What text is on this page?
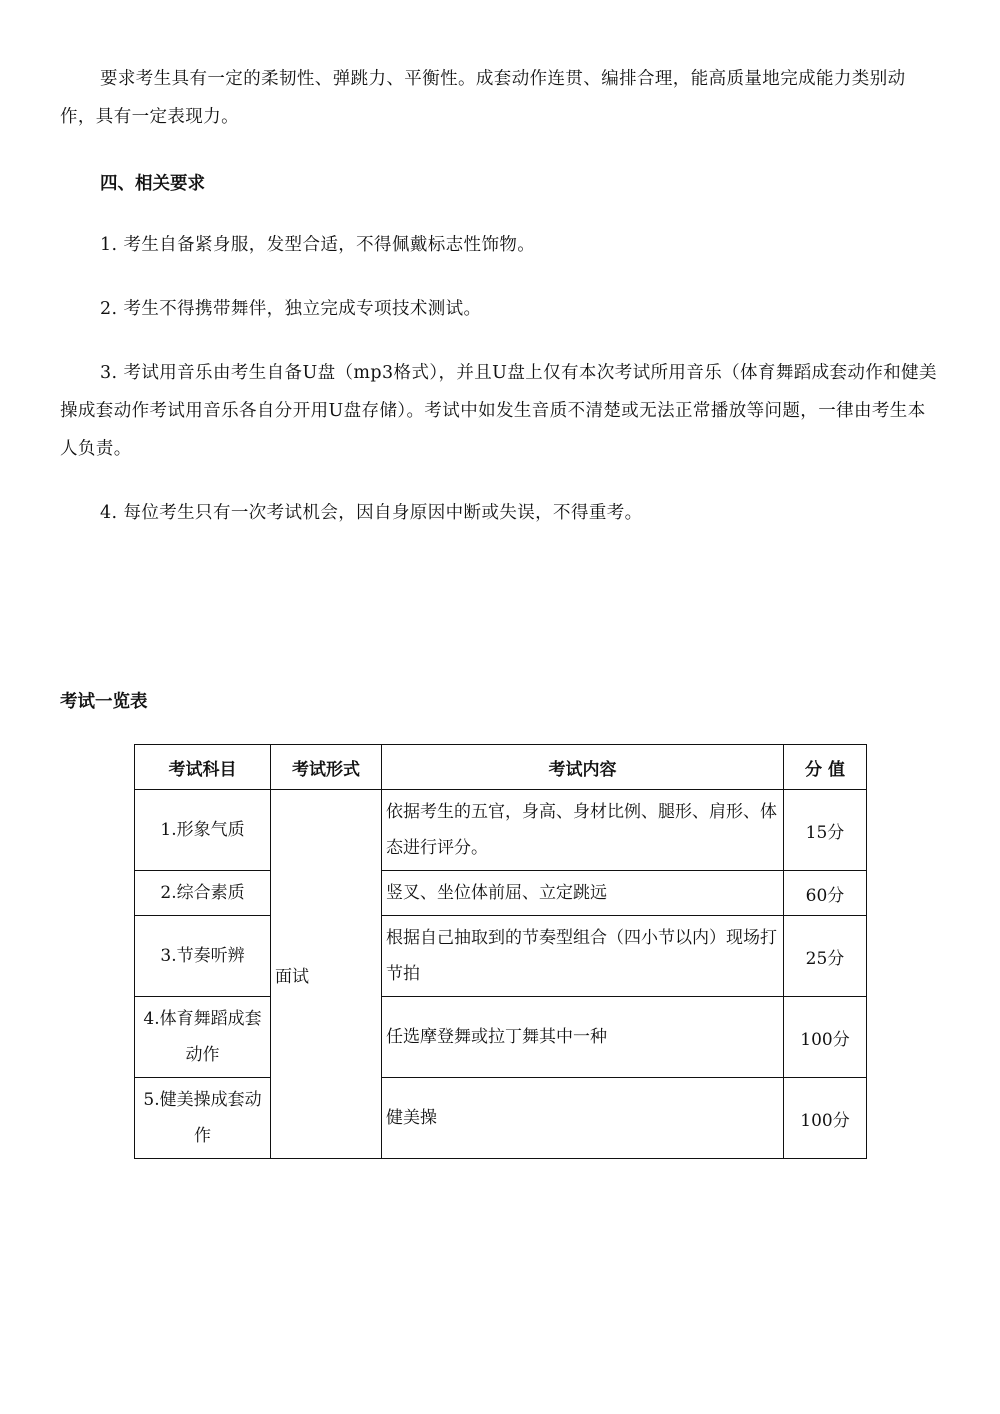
要求考生具有一定的柔韧性、弹跳力、平衡性。成套动作连贯、编排合理，能高质量地完成能力类别动作，具有一定表现力。

四、相关要求

1. 考生自备紧身服，发型合适，不得佩戴标志性饰物。

2. 考生不得携带舞伴，独立完成专项技术测试。

3. 考试用音乐由考生自备U盘（mp3格式），并且U盘上仅有本次考试所用音乐（体育舞蹈成套动作和健美操成套动作考试用音乐各自分开用U盘存储）。考试中如发生音质不清楚或无法正常播放等问题，一律由考生本人负责。

4. 每位考生只有一次考试机会，因自身原因中断或失误，不得重考。

考试一览表

考试科目	考试形式	考试内容	分 值
1.形象气质	面试	依据考生的五官，身高、身材比例、腿形、肩形、体态进行评分。	15分
2.综合素质		竖叉、坐位体前屈、立定跳远	60分
3.节奏听辨		根据自己抽取到的节奏型组合（四小节以内）现场打节拍	25分
4.体育舞蹈成套动作		任选摩登舞或拉丁舞其中一种	100分
5.健美操成套动作		健美操	100分
